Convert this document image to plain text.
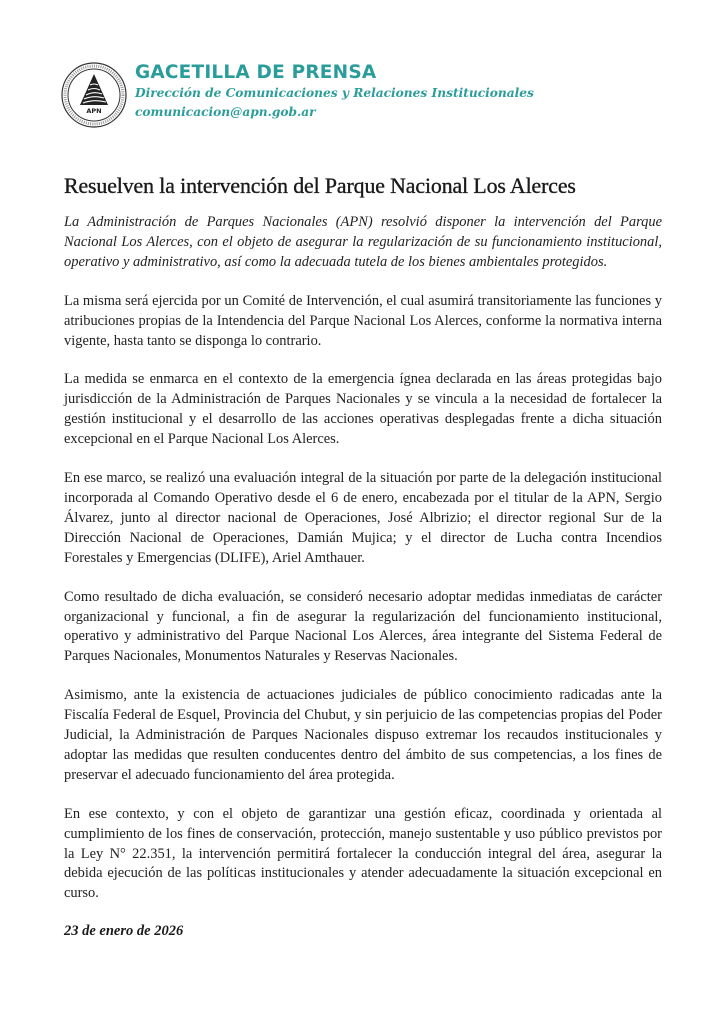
APN
GACETILLA DE PRENSA
Dirección de Comunicaciones y Relaciones Institucionales
comunicacion@apn.gob.ar
Resuelven la intervención del Parque Nacional Los Alerces

La Administración de Parques Nacionales (APN) resolvió disponer la intervención del Parque Nacional Los Alerces, con el objeto de asegurar la regularización de su funcionamiento institucional, operativo y administrativo, así como la adecuada tutela de los bienes ambientales protegidos.

La misma será ejercida por un Comité de Intervención, el cual asumirá transitoriamente las funciones y atribuciones propias de la Intendencia del Parque Nacional Los Alerces, conforme la normativa interna vigente, hasta tanto se disponga lo contrario.

La medida se enmarca en el contexto de la emergencia ígnea declarada en las áreas protegidas bajo jurisdicción de la Administración de Parques Nacionales y se vincula a la necesidad de fortalecer la gestión institucional y el desarrollo de las acciones operativas desplegadas frente a dicha situación excepcional en el Parque Nacional Los Alerces.

En ese marco, se realizó una evaluación integral de la situación por parte de la delegación institucional incorporada al Comando Operativo desde el 6 de enero, encabezada por el titular de la APN, Sergio Álvarez, junto al director nacional de Operaciones, José Albrizio; el director regional Sur de la Dirección Nacional de Operaciones, Damián Mujica; y el director de Lucha contra Incendios Forestales y Emergencias (DLIFE), Ariel Amthauer.

Como resultado de dicha evaluación, se consideró necesario adoptar medidas inmediatas de carácter organizacional y funcional, a fin de asegurar la regularización del funcionamiento institucional, operativo y administrativo del Parque Nacional Los Alerces, área integrante del Sistema Federal de Parques Nacionales, Monumentos Naturales y Reservas Nacionales.

Asimismo, ante la existencia de actuaciones judiciales de público conocimiento radicadas ante la Fiscalía Federal de Esquel, Provincia del Chubut, y sin perjuicio de las competencias propias del Poder Judicial, la Administración de Parques Nacionales dispuso extremar los recaudos institucionales y adoptar las medidas que resulten conducentes dentro del ámbito de sus competencias, a los fines de preservar el adecuado funcionamiento del área protegida.

En ese contexto, y con el objeto de garantizar una gestión eficaz, coordinada y orientada al cumplimiento de los fines de conservación, protección, manejo sustentable y uso público previstos por la Ley N° 22.351, la intervención permitirá fortalecer la conducción integral del área, asegurar la debida ejecución de las políticas institucionales y atender adecuadamente la situación excepcional en curso.

23 de enero de 2026
